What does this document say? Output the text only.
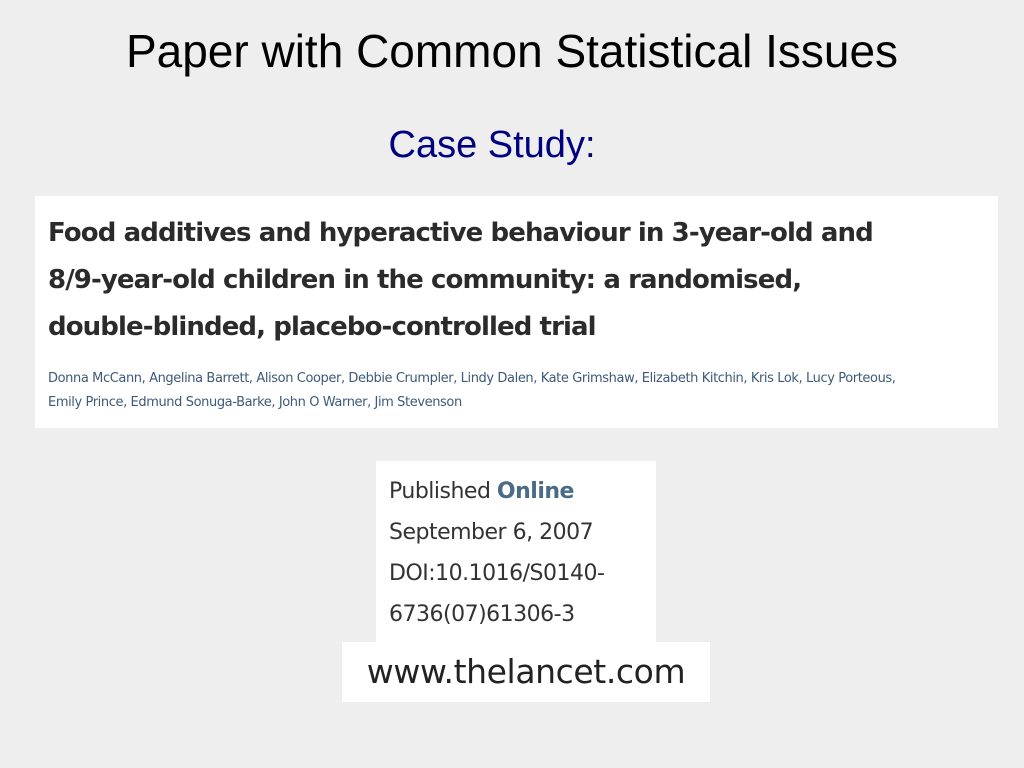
Paper with Common Statistical Issues
Case Study:
Food additives and hyperactive behaviour in 3-year-old and
8/9-year-old children in the community: a randomised,
double-blinded, placebo-controlled trial
Donna McCann, Angelina Barrett, Alison Cooper, Debbie Crumpler, Lindy Dalen, Kate Grimshaw, Elizabeth Kitchin, Kris Lok, Lucy Porteous,
Emily Prince, Edmund Sonuga-Barke, John O Warner, Jim Stevenson
Published Online
September 6, 2007
DOI:10.1016/S0140-
6736(07)61306-3
www.thelancet.com
